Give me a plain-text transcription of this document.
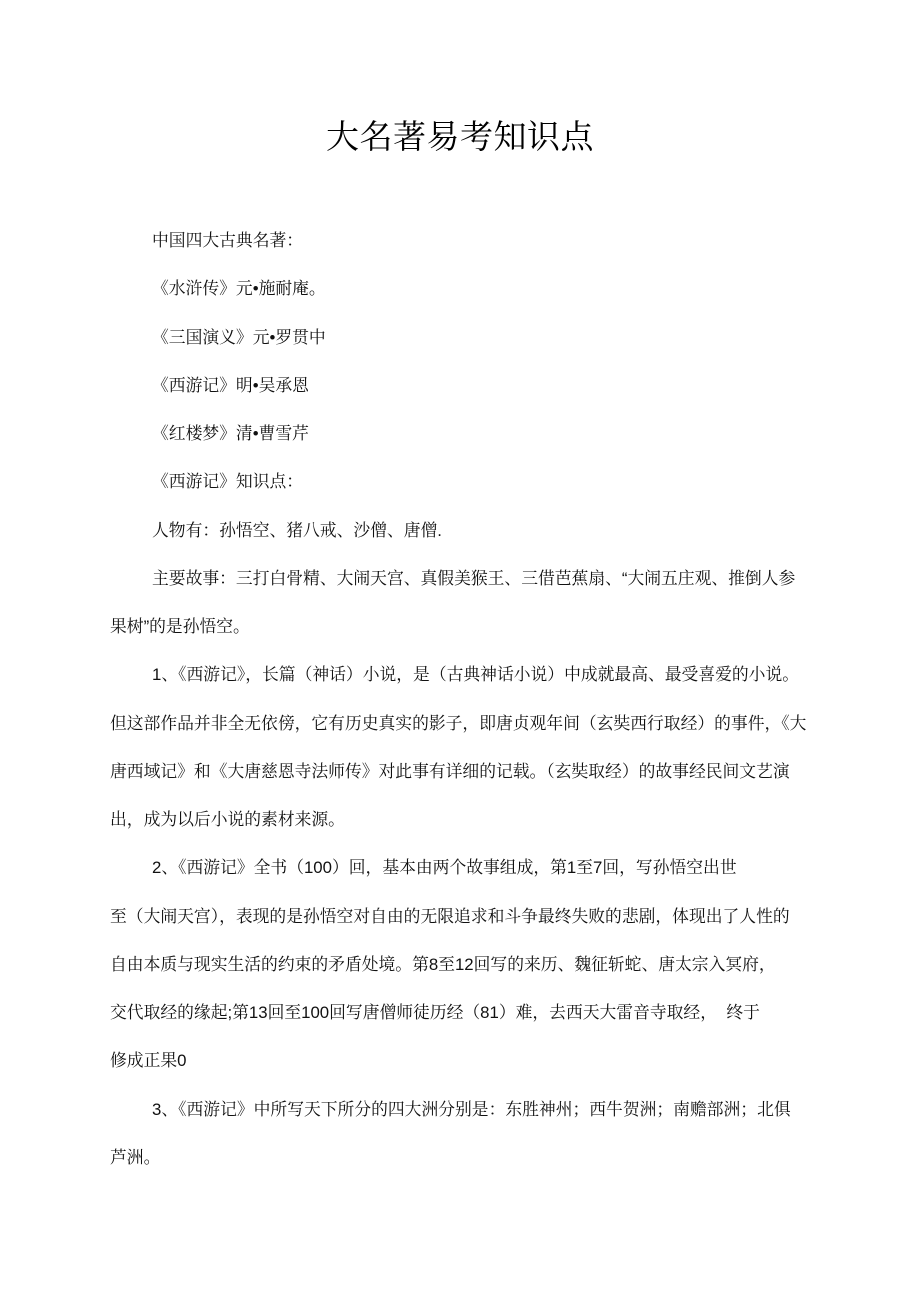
大名著易考知识点
中国四大古典名著：
《水浒传》元•施耐庵。
《三国演义》元•罗贯中
《西游记》明•吴承恩
《红楼梦》清•曹雪芹
《西游记》知识点：
人物有：孙悟空、猪八戒、沙僧、唐僧.
主要故事：三打白骨精、大闹天宫、真假美猴王、三借芭蕉扇、“大闹五庄观、推倒人参
果树”的是孙悟空。
1、《西游记》，长篇（神话）小说，是（古典神话小说）中成就最高、最受喜爱的小说。
但这部作品并非全无依傍，它有历史真实的影子，即唐贞观年间（玄奘西行取经）的事件，《大
唐西域记》和《大唐慈恩寺法师传》对此事有详细的记载。（玄奘取经）的故事经民间文艺演
出，成为以后小说的素材来源。
2、《西游记》全书（100）回，基本由两个故事组成，第1至7回，写孙悟空出世
至（大闹天宫），表现的是孙悟空对自由的无限追求和斗争最终失败的悲剧，体现出了人性的
自由本质与现实生活的约束的矛盾处境。第8至12回写的来历、魏征斩蛇、唐太宗入冥府，
交代取经的缘起;第13回至100回写唐僧师徒历经（81）难，去西天大雷音寺取经，  终于
修成正果0
3、《西游记》中所写天下所分的四大洲分别是：东胜神州；西牛贺洲；南赡部洲；北俱
芦洲。
